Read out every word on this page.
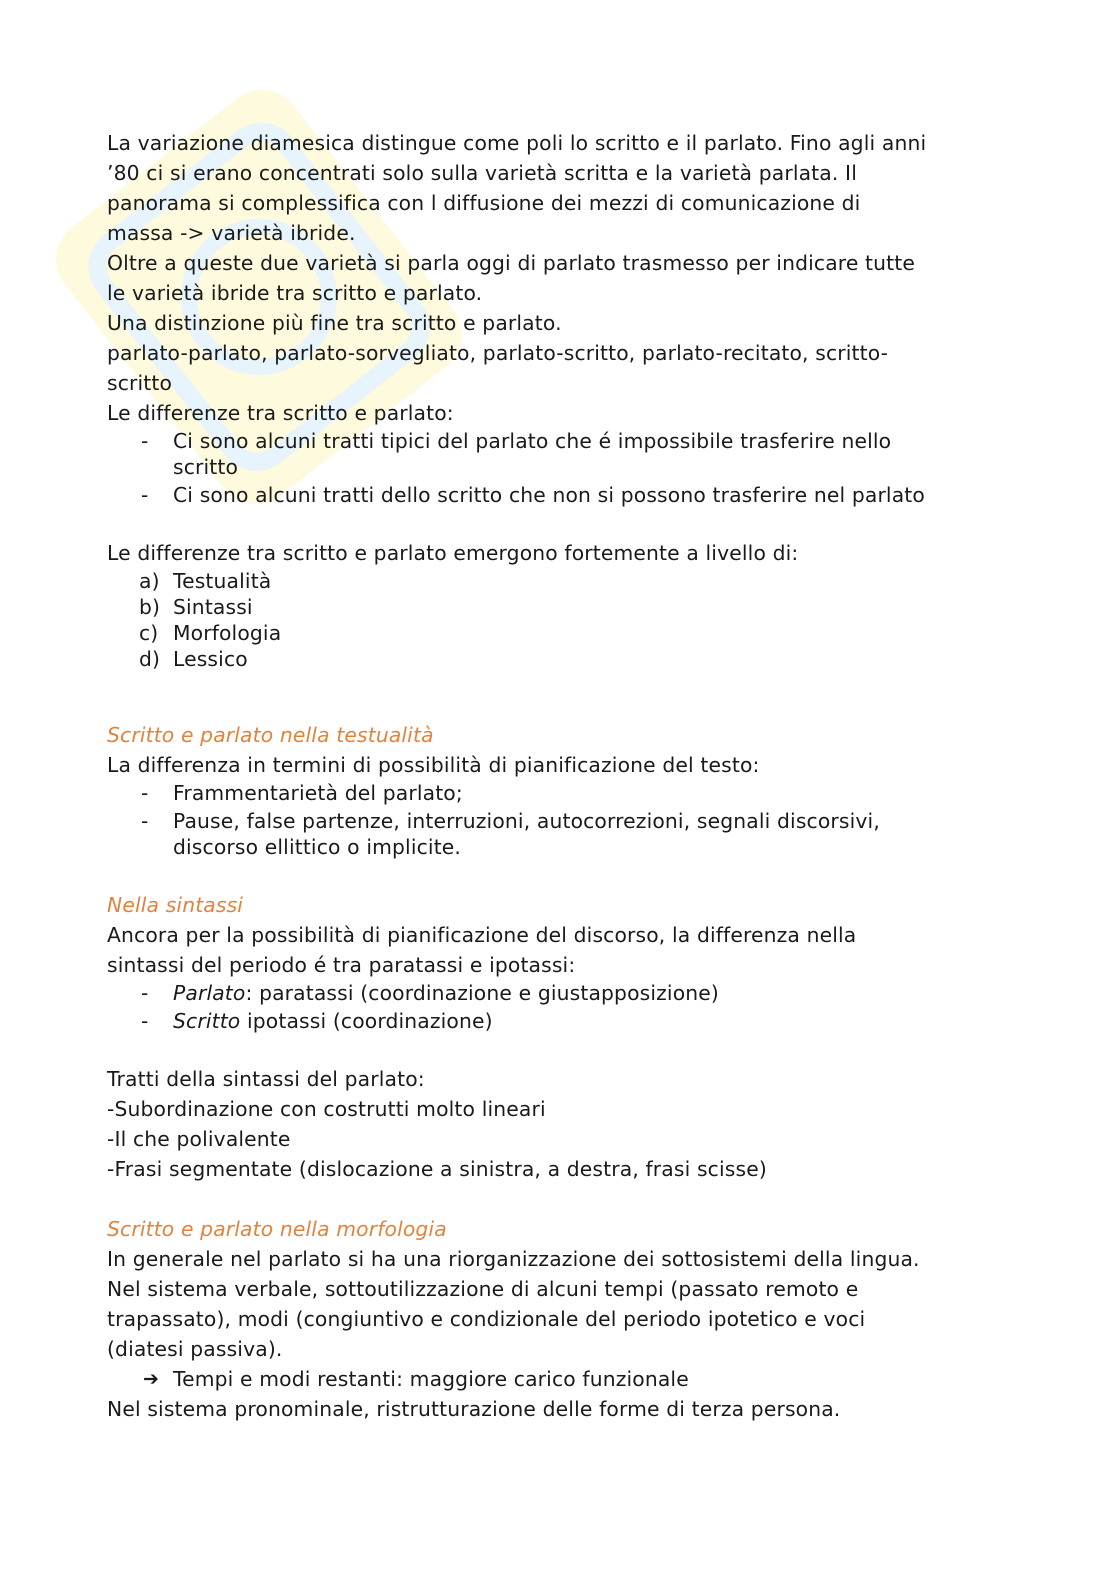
La variazione diamesica distingue come poli lo scritto e il parlato. Fino agli anni

’80 ci si erano concentrati solo sulla varietà scritta e la varietà parlata. Il

panorama si complessifica con l diffusione dei mezzi di comunicazione di

massa -> varietà ibride.

Oltre a queste due varietà si parla oggi di parlato trasmesso per indicare tutte

le varietà ibride tra scritto e parlato.

Una distinzione più fine tra scritto e parlato.

parlato-parlato, parlato-sorvegliato, parlato-scritto, parlato-recitato, scritto-

scritto

Le differenze tra scritto e parlato:

- Ci sono alcuni tratti tipici del parlato che é impossibile trasferire nello
scritto
- Ci sono alcuni tratti dello scritto che non si possono trasferire nel parlato

Le differenze tra scritto e parlato emergono fortemente a livello di:

a) Testualità
b) Sintassi
c) Morfologia
d) Lessico

Scritto e parlato nella testualità

La differenza in termini di possibilità di pianificazione del testo:

- Frammentarietà del parlato;
- Pause, false partenze, interruzioni, autocorrezioni, segnali discorsivi,
discorso ellittico o implicite.

Nella sintassi

Ancora per la possibilità di pianificazione del discorso, la differenza nella

sintassi del periodo é tra paratassi e ipotassi:

- Parlato: paratassi (coordinazione e giustapposizione)
- Scritto ipotassi (coordinazione)

Tratti della sintassi del parlato:

-Subordinazione con costrutti molto lineari

-Il che polivalente

-Frasi segmentate (dislocazione a sinistra, a destra, frasi scisse)

Scritto e parlato nella morfologia

In generale nel parlato si ha una riorganizzazione dei sottosistemi della lingua.

Nel sistema verbale, sottoutilizzazione di alcuni tempi (passato remoto e

trapassato), modi (congiuntivo e condizionale del periodo ipotetico e voci

(diatesi passiva).

➔ Tempi e modi restanti: maggiore carico funzionale

Nel sistema pronominale, ristrutturazione delle forme di terza persona.
